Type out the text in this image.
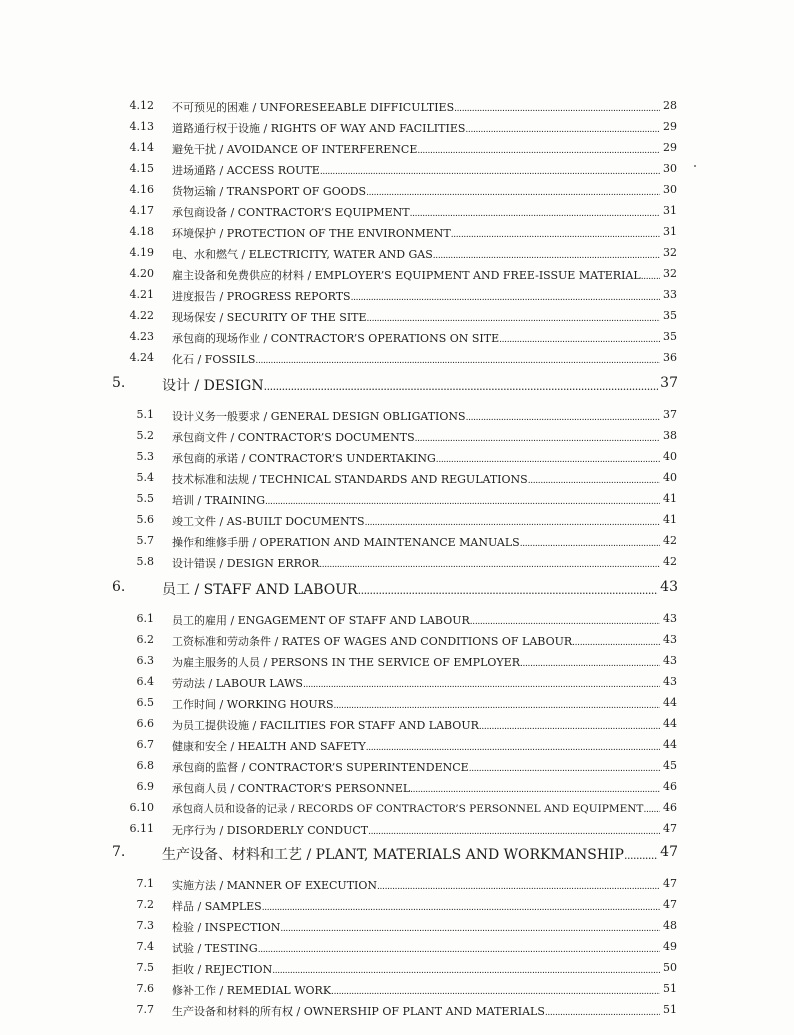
4.12 不可预见的困难 / UNFORESEEABLE DIFFICULTIES . . .	28
4.13 道路通行权于设施 / RIGHTS OF WAY AND FACILITIES . . .	29
4.14 避免干扰 / AVOIDANCE OF INTERFERENCE . . .	29
4.15 进场通路 / ACCESS ROUTE . . .	30
4.16 货物运输 / TRANSPORT OF GOODS . . .	30
4.17 承包商设备 / CONTRACTOR’S EQUIPMENT . . .	31
4.18 环境保护 / PROTECTION OF THE ENVIRONMENT . . .	31
4.19 电、水和燃气 / ELECTRICITY, WATER AND GAS . . .	32
4.20 雇主设备和免费供应的材料 / EMPLOYER’S EQUIPMENT AND FREE-ISSUE MATERIAL . . . 32
4.21 进度报告 / PROGRESS REPORTS . . .	33
4.22 现场保安 / SECURITY OF THE SITE . . .	35
4.23 承包商的现场作业 / CONTRACTOR’S OPERATIONS ON SITE . . .	35
4.24 化石 / FOSSILS . . .	36
5.	设计 / DESIGN . . .	37
5.1 设计义务一般要求 / GENERAL DESIGN OBLIGATIONS . . .	37
5.2 承包商文件 / CONTRACTOR’S DOCUMENTS . . .	38
5.3 承包商的承诺 / CONTRACTOR’S UNDERTAKING . . .	40
5.4 技术标准和法规 / TECHNICAL STANDARDS AND REGULATIONS . . .	40
5.5 培训 / TRAINING . . .	41
5.6 竣工文件 / AS-BUILT DOCUMENTS . . .	41
5.7 操作和维修手册 / OPERATION AND MAINTENANCE MANUALS . . .	42
5.8 设计错误 / DESIGN ERROR . . .	42
6.	员工 / STAFF AND LABOUR . . .	43
6.1 员工的雇用 / ENGAGEMENT OF STAFF AND LABOUR . . .	43
6.2 工资标准和劳动条件 / RATES OF WAGES AND CONDITIONS OF LABOUR . . .	43
6.3 为雇主服务的人员 / PERSONS IN THE SERVICE OF EMPLOYER . . .	43
6.4 劳动法 / LABOUR LAWS . . .	43
6.5 工作时间 / WORKING HOURS . . .	44
6.6 为员工提供设施 / FACILITIES FOR STAFF AND LABOUR . . .	44
6.7 健康和安全 / HEALTH AND SAFETY . . .	44
6.8 承包商的监督 / CONTRACTOR’S SUPERINTENDENCE . . .	45
6.9 承包商人员 / CONTRACTOR’S PERSONNEL . . .	46
6.10 承包商人员和设备的记录 / RECORDS OF CONTRACTOR’S PERSONNEL AND EQUIPMENT . . . 46
6.11 无序行为 / DISORDERLY CONDUCT . . .	47
7.	生产设备、材料和工艺 / PLANT, MATERIALS AND WORKMANSHIP . . .	47
7.1 实施方法 / MANNER OF EXECUTION . . .	47
7.2 样品 / SAMPLES . . .	47
7.3 检验 / INSPECTION . . .	48
7.4 试验 / TESTING . . .	49
7.5 拒收 / REJECTION . . .	50
7.6 修补工作 / REMEDIAL WORK . . .	51
7.7 生产设备和材料的所有权 / OWNERSHIP OF PLANT AND MATERIALS . . .	51
